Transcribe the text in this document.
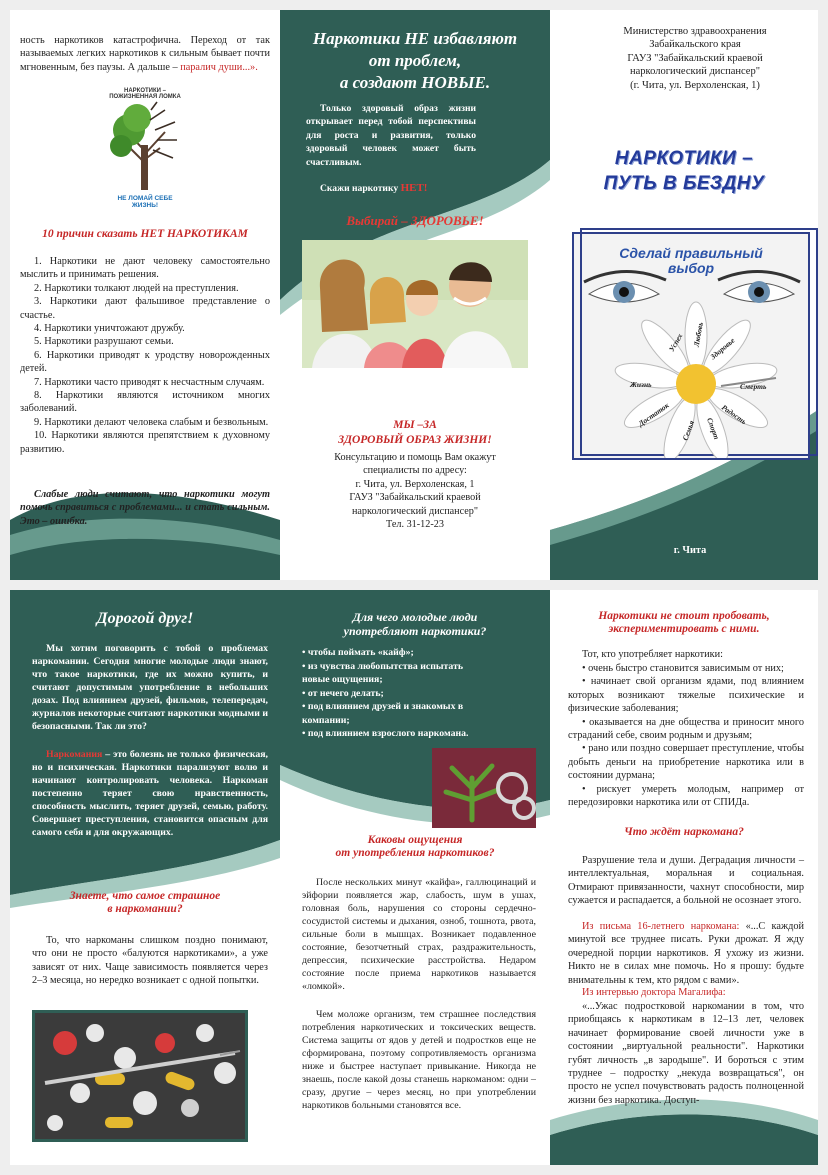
ность наркотиков катастрофична. Переход от так называемых легких наркотиков к сильным бывает почти мгновенным, без паузы. А дальше – паралич души...».

НАРКОТИКИ – ПОЖИЗНЕННАЯ ЛОМКА
НЕ ЛОМАЙ СЕБЕ ЖИЗНЬ!

10 причин сказать НЕТ НАРКОТИКАМ

1. Наркотики не дают человеку самостоятельно мыслить и принимать решения.
2. Наркотики толкают людей на преступления.
3. Наркотики дают фальшивое представление о счастье.
4. Наркотики уничтожают дружбу.
5. Наркотики разрушают семьи.
6. Наркотики приводят к уродству новорожденных детей.
7. Наркотики часто приводят к несчастным случаям.
8. Наркотики являются источником многих заболеваний.
9. Наркотики делают человека слабым и безвольным.
10. Наркотики являются препятствием к духовному развитию.

Слабые люди считают, что наркотики могут помочь справиться с проблемами... и стать сильным. Это – ошибка.

Наркотики НЕ избавляют
от проблем,
а создают НОВЫЕ.

Только здоровый образ жизни открывает перед тобой перспективы для роста и развития, только здоровый человек может быть счастливым.

Скажи наркотику НЕТ!

Выбирай – ЗДОРОВЬЕ!

МЫ –ЗА
ЗДОРОВЫЙ ОБРАЗ ЖИЗНИ!

Консультацию и помощь Вам окажут специалисты по адресу:
г. Чита, ул. Верхоленская, 1
ГАУЗ "Забайкальский краевой наркологический диспансер"
Тел. 31-12-23

Министерство здравоохранения
Забайкальского края
ГАУЗ "Забайкальский краевой
наркологический диспансер"
(г. Чита, ул. Верхоленская, 1)

НАРКОТИКИ –
ПУТЬ В БЕЗДНУ

Сделай правильный
выбор

Жизнь
Успех Любовь
Здоровье
Смерть
Радость
Спорт
Семья
Достаток

г. Чита

Дорогой друг!

Мы хотим поговорить с тобой о проблемах наркомании. Сегодня многие молодые люди знают, что такое наркотики, где их можно купить, и считают допустимым употребление в небольших дозах. Под влиянием друзей, фильмов, телепередач, журналов некоторые считают наркотики модными и безопасными. Так ли это?

Наркомания – это болезнь не только физическая, но и психическая. Наркотики парализуют волю и начинают контролировать человека. Наркоман постепенно теряет свою нравственность, способность мыслить, теряет друзей, семью, работу. Совершает преступления, становится опасным для самого себя и для окружающих.

Знаете, что самое страшное
в наркомании?

То, что наркоманы слишком поздно понимают, что они не просто «балуются наркотиками», а уже зависят от них. Чаще зависимость появляется через 2–3 месяца, но нередко возникает с одной попытки.

Для чего молодые люди
употребляют наркотики?

• чтобы поймать «кайф»;
• из чувства любопытства испытать новые ощущения;
• от нечего делать;
• под влиянием друзей и знакомых в компании;
• под влиянием взрослого наркомана.

Каковы ощущения
от употребления наркотиков?

После нескольких минут «кайфа», галлюцинаций и эйфории появляется жар, слабость, шум в ушах, головная боль, нарушения со стороны сердечно-сосудистой системы и дыхания, озноб, тошнота, рвота, сильные боли в мышцах. Возникает подавленное состояние, безотчетный страх, раздражительность, депрессия, психические расстройства. Недаром состояние после приема наркотиков называется «ломкой».

Чем моложе организм, тем страшнее последствия потребления наркотических и токсических веществ. Система защиты от ядов у детей и подростков еще не сформирована, поэтому сопротивляемость организма ниже и быстрее наступает привыкание. Никогда не знаешь, после какой дозы станешь наркоманом: одни – сразу, другие – через месяц, но при употреблении наркотиков больными становятся все.

Наркотики не стоит пробовать,
экспериментировать с ними.

Тот, кто употребляет наркотики:

• очень быстро становится зависимым от них;
• начинает свой организм ядами, под влиянием которых возникают тяжелые психические и физические заболевания;
• оказывается на дне общества и приносит много страданий себе, своим родным и друзьям;
• рано или поздно совершает преступление, чтобы добыть деньги на приобретение наркотика или в состоянии дурмана;
• рискует умереть молодым, например от передозировки наркотика или от СПИДа.

Что ждёт наркомана?

Разрушение тела и души. Деградация личности – интеллектуальная, моральная и социальная. Отмирают привязанности, чахнут способности, мир сужается и распадается, а больной не осознает этого.

Из письма 16-летнего наркомана: «...С каждой минутой все труднее писать. Руки дрожат. Я жду очередной порции наркотиков. Я ухожу из жизни. Никто не в силах мне помочь. Но я прошу: будьте внимательны к тем, кто рядом с вами».

Из интервью доктора Магалифа:

«...Ужас подростковой наркомании в том, что приобщаясь к наркотикам в 12–13 лет, человек начинает формирование своей личности уже в состоянии „виртуальной реальности". Наркотики губят личность „в зародыше". И бороться с этим труднее – подростку „некуда возвращаться", он просто не успел почувствовать радость полноценной жизни без наркотика. Доступ-
